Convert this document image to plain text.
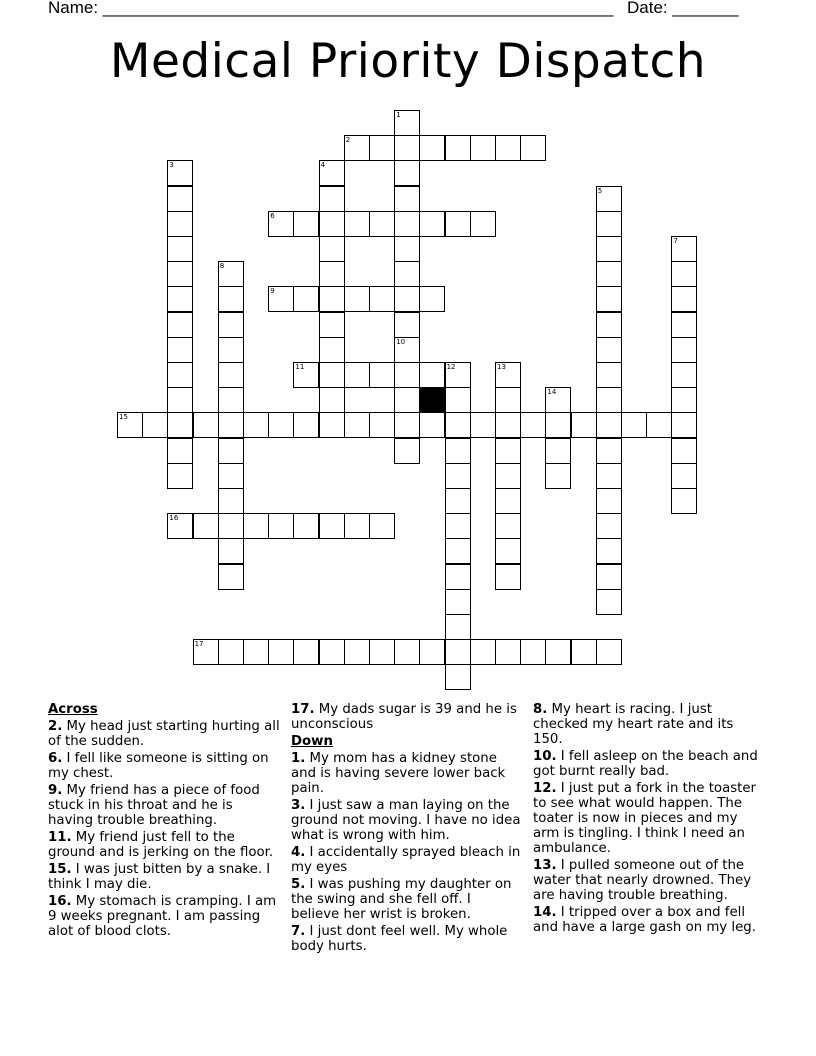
Name: ______________________________________________________ Date: _______
Medical Priority Dispatch
1
10
2
3	4
5
6
7
8
9
11	12	13
14
15
16
17
Across
2. My head just starting hurting all of the sudden.
6. I fell like someone is sitting on my chest.
9. My friend has a piece of food stuck in his throat and he is having trouble breathing.
11. My friend just fell to the ground and is jerking on the floor.
15. I was just bitten by a snake. I think I may die.
16. My stomach is cramping. I am 9 weeks pregnant. I am passing alot of blood clots.
17. My dads sugar is 39 and he is unconscious
Down
1. My mom has a kidney stone and is having severe lower back pain.
3. I just saw a man laying on the ground not moving. I have no idea what is wrong with him.
4. I accidentally sprayed bleach in my eyes
5. I was pushing my daughter on the swing and she fell off. I believe her wrist is broken.
7. I just dont feel well. My whole body hurts.
8. My heart is racing. I just checked my heart rate and its 150.
10. I fell asleep on the beach and got burnt really bad.
12. I just put a fork in the toaster to see what would happen. The toater is now in pieces and my arm is tingling. I think I need an ambulance.
13. I pulled someone out of the water that nearly drowned. They are having trouble breathing.
14. I tripped over a box and fell and have a large gash on my leg.
